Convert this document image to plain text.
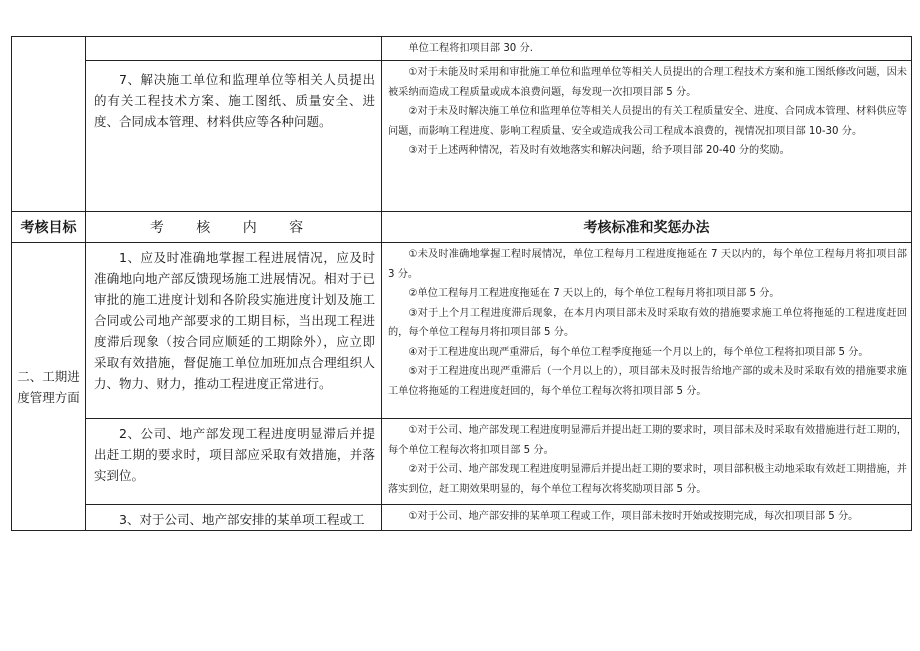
		单位工程将扣项目部 30 分.

	7、解决施工单位和监理单位等相关人员提出的有关工程技术方案、施工图纸、质量安全、进度、合同成本管理、材料供应等各种问题。	①对于未能及时采用和审批施工单位和监理单位等相关人员提出的合理工程技术方案和施工图纸修改问题，因未被采纳而造成工程质量或成本浪费问题，每发现一次扣项目部 5 分。

②对于未及时解决施工单位和监理单位等相关人员提出的有关工程质量安全、进度、合同成本管理、材料供应等问题，而影响工程进度、影响工程质量、安全或造成我公司工程成本浪费的，视情况扣项目部 10-30 分。

③对于上述两种情况，若及时有效地落实和解决问题，给予项目部 20-40 分的奖励。

考核目标	考 核 内 容	考核标准和奖惩办法

二、工期进度管理方面	1、应及时准确地掌握工程进展情况，应及时准确地向地产部反馈现场施工进展情况。相对于已审批的施工进度计划和各阶段实施进度计划及施工合同或公司地产部要求的工期目标，当出现工程进度滞后现象（按合同应顺延的工期除外），应立即采取有效措施，督促施工单位加班加点合理组织人力、物力、财力，推动工程进度正常进行。	①未及时准确地掌握工程时展情况，单位工程每月工程进度拖延在 7 天以内的，每个单位工程每月将扣项目部 3 分。

②单位工程每月工程进度拖延在 7 天以上的，每个单位工程每月将扣项目部 5 分。

③对于上个月工程进度滞后现象，在本月内项目部未及时采取有效的措施要求施工单位将拖延的工程进度赶回的，每个单位工程每月将扣项目部 5 分。

④对于工程进度出现严重滞后，每个单位工程季度拖延一个月以上的，每个单位工程将扣项目部 5 分。

⑤对于工程进度出现严重滞后（一个月以上的），项目部未及时报告给地产部的或未及时采取有效的措施要求施工单位将拖延的工程进度赶回的，每个单位工程每次将扣项目部 5 分。

	2、公司、地产部发现工程进度明显滞后并提出赶工期的要求时，项目部应采取有效措施，并落实到位。	①对于公司、地产部发现工程进度明显滞后并提出赶工期的要求时，项目部未及时采取有效措施进行赶工期的，每个单位工程每次将扣项目部 5 分。

②对于公司、地产部发现工程进度明显滞后并提出赶工期的要求时，项目部积极主动地采取有效赶工期措施，并落实到位，赶工期效果明显的，每个单位工程每次将奖励项目部 5 分。

	3、对于公司、地产部安排的某单项工程或工	①对于公司、地产部安排的某单项工程或工作，项目部未按时开始或按期完成，每次扣项目部 5 分。
